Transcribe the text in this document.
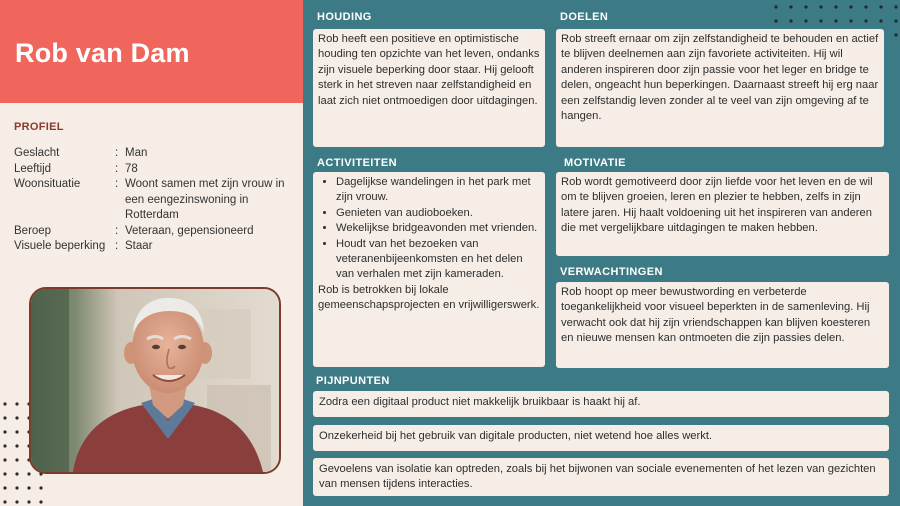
Rob van Dam
PROFIEL
Geslacht	: Man
Leeftijd	: 78
Woonsituatie	: Woont samen met zijn vrouw in een eengezinswoning in Rotterdam
Beroep	: Veteraan, gepensioneerd
Visuele beperking : Staar
HOUDING

Rob heeft een positieve en optimistische houding ten opzichte van het leven, ondanks zijn visuele beperking door staar. Hij gelooft sterk in het streven naar zelfstandigheid en laat zich niet ontmoedigen door uitdagingen.

DOELEN

Rob streeft ernaar om zijn zelfstandigheid te behouden en actief te blijven deelnemen aan zijn favoriete activiteiten. Hij wil anderen inspireren door zijn passie voor het leger en bridge te delen, ongeacht hun beperkingen. Daarnaast streeft hij erg naar een zelfstandig leven zonder al te veel van zijn omgeving af te hangen.

ACTIVITEITEN
• Dagelijkse wandelingen in het park met zijn vrouw.
• Genieten van audioboeken.
• Wekelijkse bridgeavonden met vrienden.
• Houdt van het bezoeken van veteranenbijeenkomsten en het delen van verhalen met zijn kameraden.

Rob is betrokken bij lokale gemeenschapsprojecten en vrijwilligerswerk.

MOTIVATIE

Rob wordt gemotiveerd door zijn liefde voor het leven en de wil om te blijven groeien, leren en plezier te hebben, zelfs in zijn latere jaren. Hij haalt voldoening uit het inspireren van anderen die met vergelijkbare uitdagingen te maken hebben.

VERWACHTINGEN

Rob hoopt op meer bewustwording en verbeterde toegankelijkheid voor visueel beperkten in de samenleving. Hij verwacht ook dat hij zijn vriendschappen kan blijven koesteren en nieuwe mensen kan ontmoeten die zijn passies delen.

PIJNPUNTEN
Zodra een digitaal product niet makkelijk bruikbaar is haakt hij af.
Onzekerheid bij het gebruik van digitale producten, niet wetend hoe alles werkt.
Gevoelens van isolatie kan optreden, zoals bij het bijwonen van sociale evenementen of het lezen van gezichten van mensen tijdens interacties.
